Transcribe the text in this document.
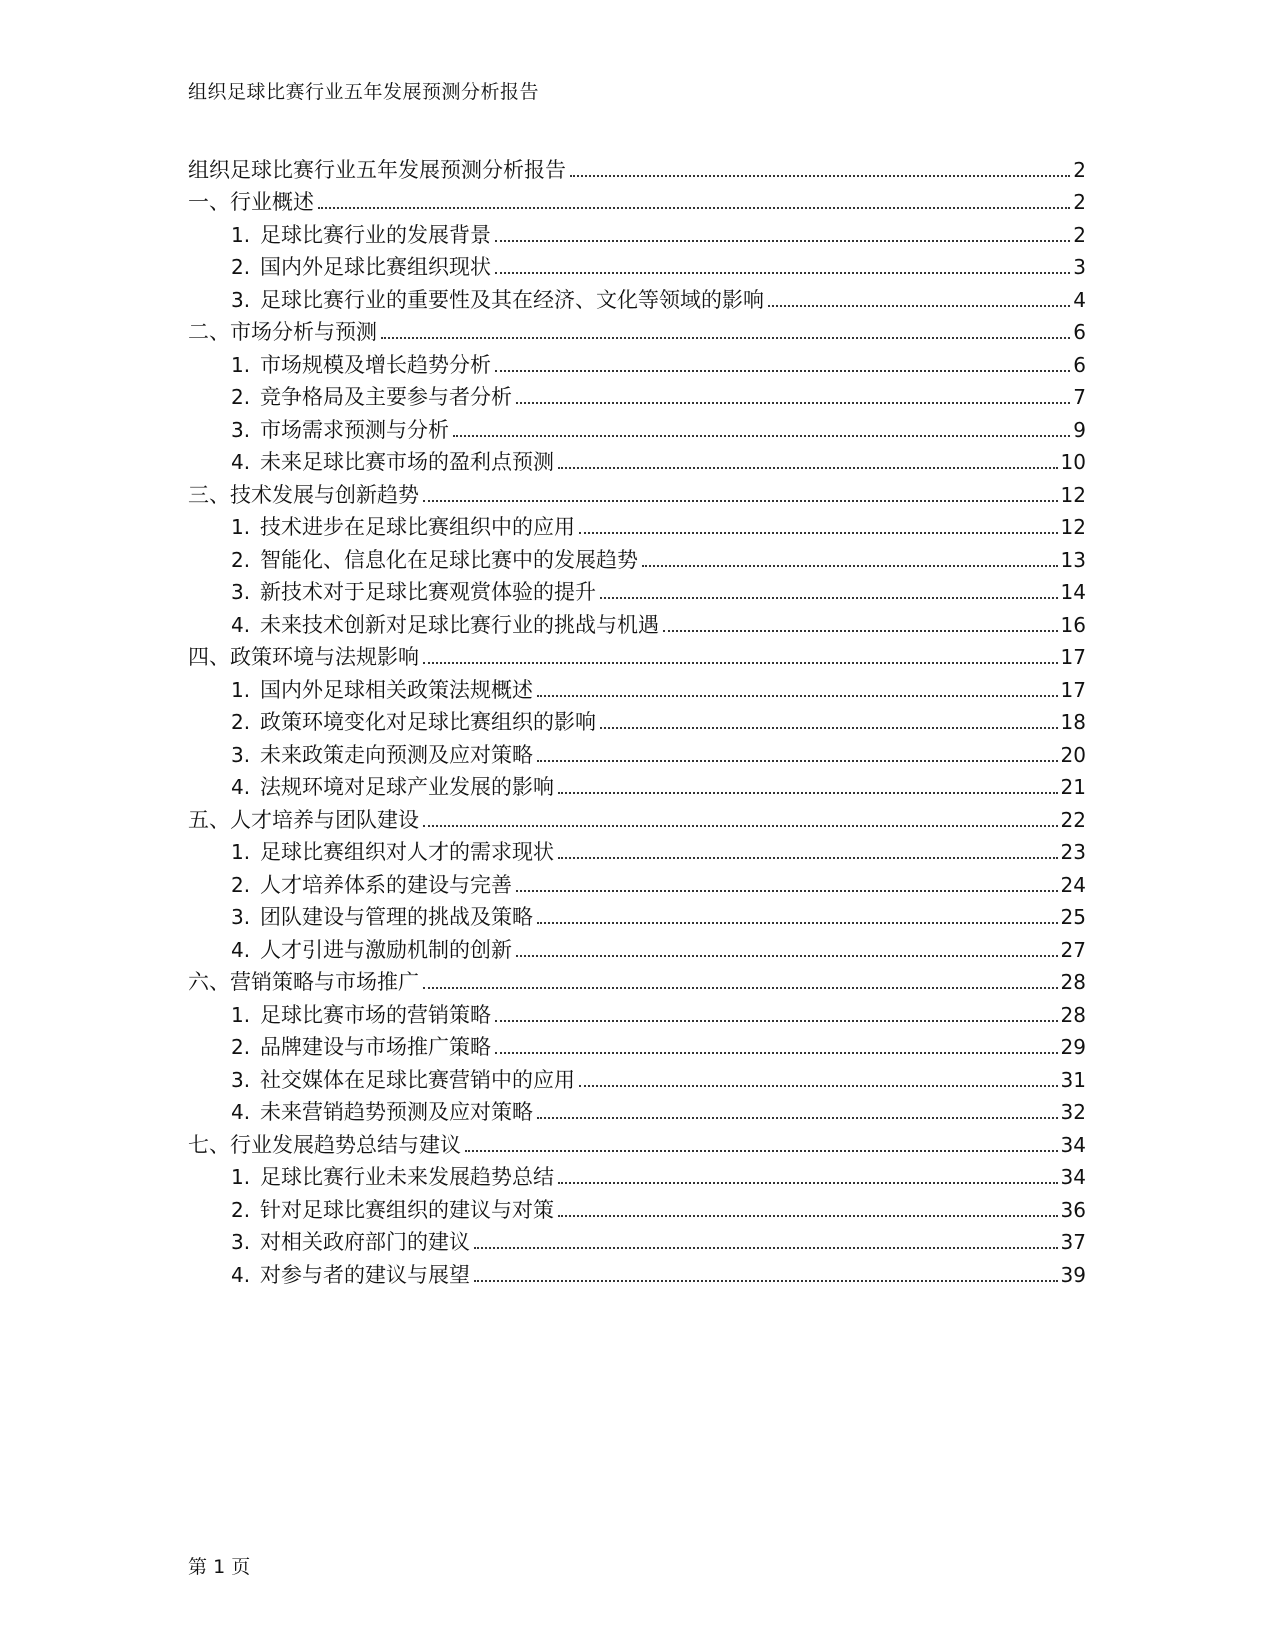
组织足球比赛行业五年发展预测分析报告
组织足球比赛行业五年发展预测分析报告	2
一、行业概述	2
1. 足球比赛行业的发展背景	2
2. 国内外足球比赛组织现状	3
3. 足球比赛行业的重要性及其在经济、文化等领域的影响	4
二、市场分析与预测	6
1. 市场规模及增长趋势分析	6
2. 竞争格局及主要参与者分析	7
3. 市场需求预测与分析	9
4. 未来足球比赛市场的盈利点预测	10
三、技术发展与创新趋势	12
1. 技术进步在足球比赛组织中的应用	12
2. 智能化、信息化在足球比赛中的发展趋势	13
3. 新技术对于足球比赛观赏体验的提升	14
4. 未来技术创新对足球比赛行业的挑战与机遇	16
四、政策环境与法规影响	17
1. 国内外足球相关政策法规概述	17
2. 政策环境变化对足球比赛组织的影响	18
3. 未来政策走向预测及应对策略	20
4. 法规环境对足球产业发展的影响	21
五、人才培养与团队建设	22
1. 足球比赛组织对人才的需求现状	23
2. 人才培养体系的建设与完善	24
3. 团队建设与管理的挑战及策略	25
4. 人才引进与激励机制的创新	27
六、营销策略与市场推广	28
1. 足球比赛市场的营销策略	28
2. 品牌建设与市场推广策略	29
3. 社交媒体在足球比赛营销中的应用	31
4. 未来营销趋势预测及应对策略	32
七、行业发展趋势总结与建议	34
1. 足球比赛行业未来发展趋势总结	34
2. 针对足球比赛组织的建议与对策	36
3. 对相关政府部门的建议	37
4. 对参与者的建议与展望	39
第 1 页
